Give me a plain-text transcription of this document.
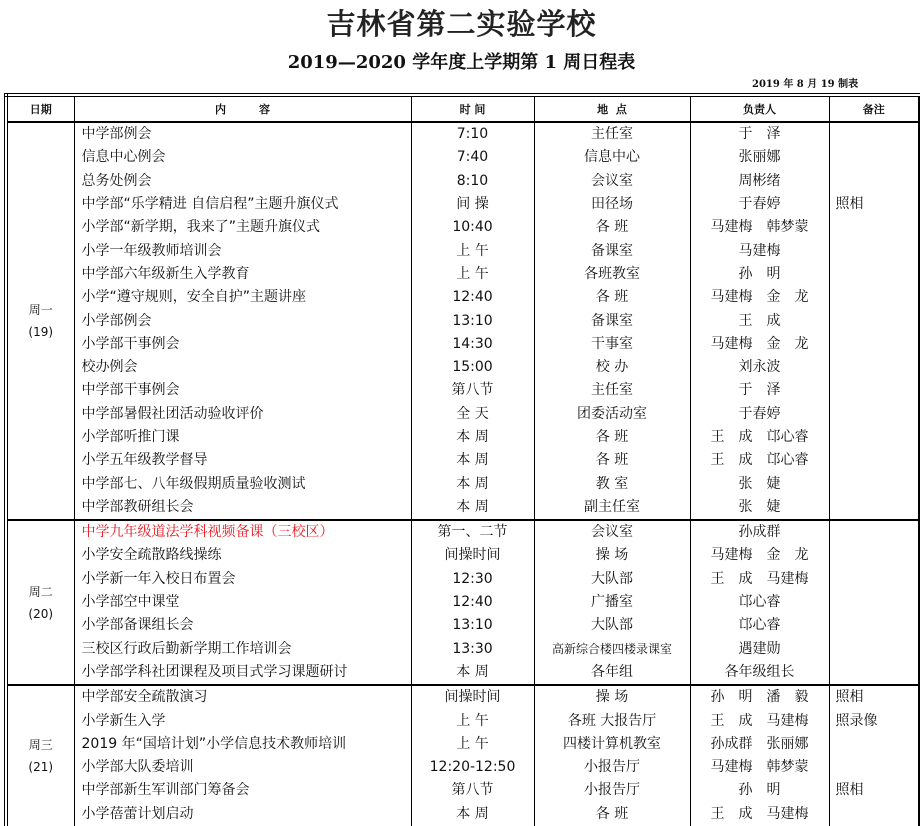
吉林省第二实验学校
2019—2020 学年度上学期第 1 周日程表
2019 年 8 月 19 制表
日期	内　　　容	时 间	地  点	负责人	备注

周一
(19)	中学部例会	7:10	主任室	于　泽	
	信息中心例会	7:40	信息中心	张丽娜	
	总务处例会	8:10	会议室	周彬绪	
	中学部“乐学精进 自信启程”主题升旗仪式	间 操	田径场	于春婷	照相
	小学部“新学期，我来了”主题升旗仪式	10:40	各 班	马建梅　韩梦蒙	
	小学一年级教师培训会	上 午	备课室	马建梅	
	中学部六年级新生入学教育	上 午	各班教室	孙　明	
	小学“遵守规则，安全自护”主题讲座	12:40	各 班	马建梅　金　龙	
	小学部例会	13:10	备课室	王　成	
	小学部干事例会	14:30	干事室	马建梅　金　龙	
	校办例会	15:00	校 办	刘永波	
	中学部干事例会	第八节	主任室	于　泽	
	中学部暑假社团活动验收评价	全 天	团委活动室	于春婷	
	小学部听推门课	本 周	各 班	王　成　邙心睿	
	小学五年级教学督导	本 周	各 班	王　成　邙心睿	
	中学部七、八年级假期质量验收测试	本 周	教 室	张　婕	
	中学部教研组长会	本 周	副主任室	张　婕	

周二
(20)	中学九年级道法学科视频备课（三校区）	第一、二节	会议室	孙成群	
	小学安全疏散路线操练	间操时间	操 场	马建梅　金　龙	
	小学新一年入校日布置会	12:30	大队部	王　成　马建梅	
	小学部空中课堂	12:40	广播室	邙心睿	
	小学部备课组长会	13:10	大队部	邙心睿	
	三校区行政后勤新学期工作培训会	13:30	高新综合楼四楼录课室	遇建勋	
	小学部学科社团课程及项目式学习课题研讨	本 周	各年组	各年级组长	

周三
(21)	中学部安全疏散演习	间操时间	操 场	孙　明　潘　毅	照相
	小学新生入学	上 午	各班 大报告厅	王　成　马建梅	照录像
	2019 年“国培计划”小学信息技术教师培训	上 午	四楼计算机教室	孙成群　张丽娜	
	小学部大队委培训	12:20-12:50	小报告厅	马建梅　韩梦蒙	
	中学部新生军训部门筹备会	第八节	小报告厅	孙　明	照相
	小学蓓蕾计划启动	本 周	各 班	王　成　马建梅	
